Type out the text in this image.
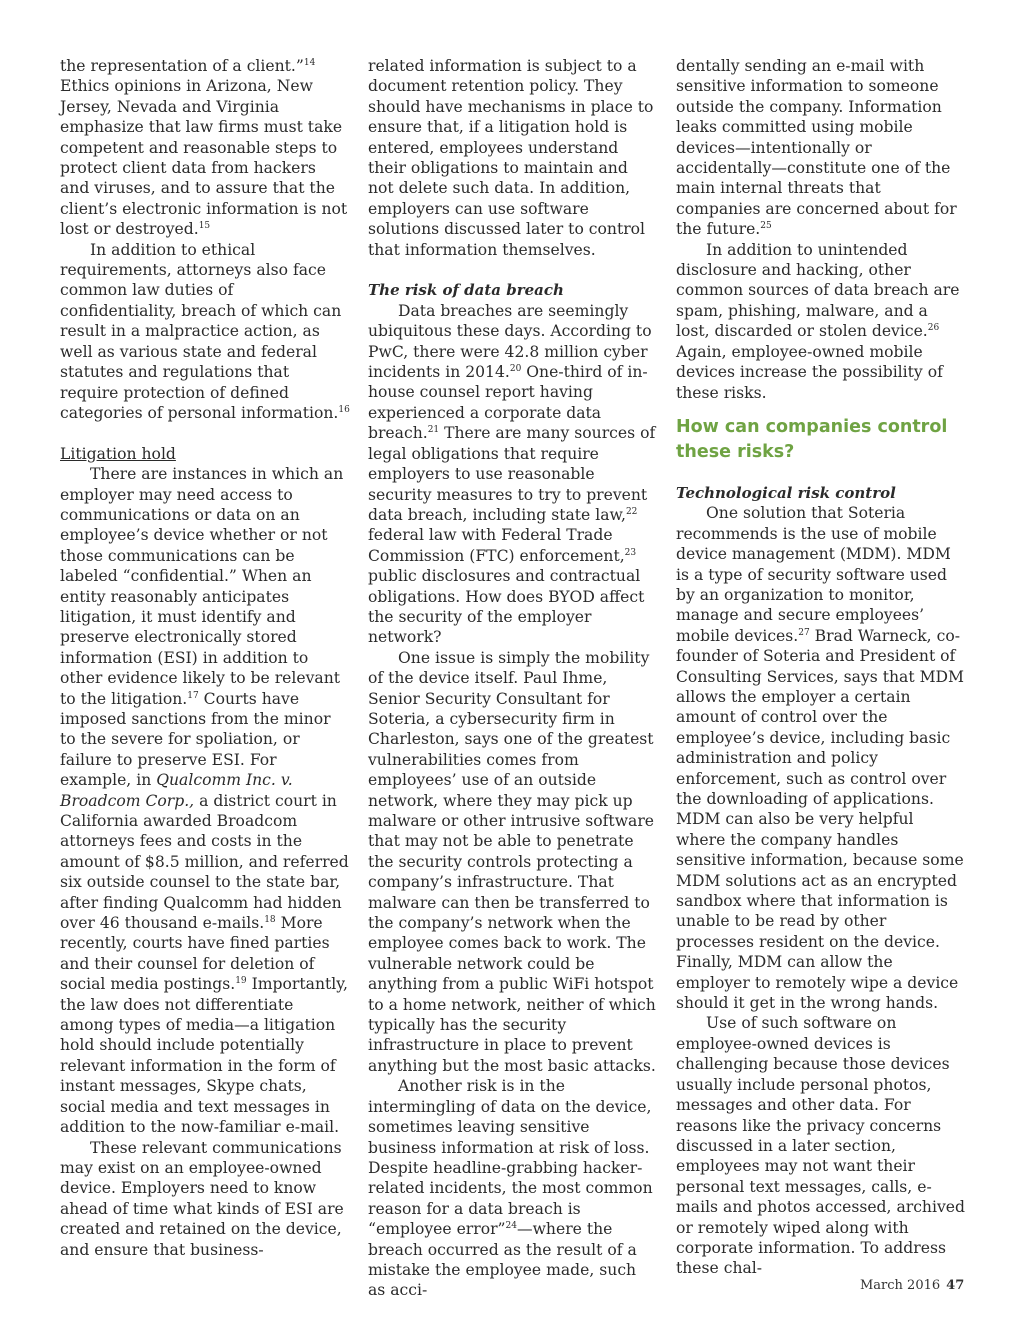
the representation of a client.”$^{14}$ Ethics opinions in Arizona, New Jersey, Nevada and Virginia emphasize that law firms must take competent and reasonable steps to protect client data from hackers and viruses, and to assure that the client’s electronic information is not lost or destroyed.$^{15}$

In addition to ethical requirements, attorneys also face common law duties of confidentiality, breach of which can result in a malpractice action, as well as various state and federal statutes and regulations that require protection of defined categories of personal information.$^{16}$

Litigation hold

There are instances in which an employer may need access to communications or data on an employee’s device whether or not those communications can be labeled “confidential.” When an entity reasonably anticipates litigation, it must identify and preserve electronically stored information (ESI) in addition to other evidence likely to be relevant to the litigation.$^{17}$ Courts have imposed sanctions from the minor to the severe for spoliation, or failure to preserve ESI. For example, in Qualcomm Inc. v. Broadcom Corp., a district court in California awarded Broadcom attorneys fees and costs in the amount of $8.5 million, and referred six outside counsel to the state bar, after finding Qualcomm had hidden over 46 thousand e-mails.$^{18}$ More recently, courts have fined parties and their counsel for deletion of social media postings.$^{19}$ Importantly, the law does not differentiate among types of media—a litigation hold should include potentially relevant information in the form of instant messages, Skype chats, social media and text messages in addition to the now-familiar e-mail.

These relevant communications may exist on an employee-owned device. Employers need to know ahead of time what kinds of ESI are created and retained on the device, and ensure that business-

related information is subject to a document retention policy. They should have mechanisms in place to ensure that, if a litigation hold is entered, employees understand their obligations to maintain and not delete such data. In addition, employers can use software solutions discussed later to control that information themselves.

The risk of data breach

Data breaches are seemingly ubiquitous these days. According to PwC, there were 42.8 million cyber incidents in 2014.20 One-third of in-house counsel report having experienced a corporate data breach.$^{21}$ There are many sources of legal obligations that require employers to use reasonable security measures to try to prevent data breach, including state law,$^{22}$ federal law with Federal Trade Commission (FTC) enforcement,$^{23}$ public disclosures and contractual obligations. How does BYOD affect the security of the employer network?

One issue is simply the mobility of the device itself. Paul Ihme, Senior Security Consultant for Soteria, a cybersecurity firm in Charleston, says one of the greatest vulnerabilities comes from employees’ use of an outside network, where they may pick up malware or other intrusive software that may not be able to penetrate the security controls protecting a company’s infrastructure. That malware can then be transferred to the company’s network when the employee comes back to work. The vulnerable network could be anything from a public WiFi hotspot to a home network, neither of which typically has the security infrastructure in place to prevent anything but the most basic attacks.

Another risk is in the intermingling of data on the device, sometimes leaving sensitive business information at risk of loss. Despite headline-grabbing hacker-related incidents, the most common reason for a data breach is “employee error”$^{24}$—where the breach occurred as the result of a mistake the employee made, such as acci-

dentally sending an e-mail with sensitive information to someone outside the company. Information leaks committed using mobile devices—intentionally or accidentally—constitute one of the main internal threats that companies are concerned about for the future.$^{25}$

In addition to unintended disclosure and hacking, other common sources of data breach are spam, phishing, malware, and a lost, discarded or stolen device.$^{26}$ Again, employee-owned mobile devices increase the possibility of these risks.

How can companies control these risks?

Technological risk control

One solution that Soteria recommends is the use of mobile device management (MDM). MDM is a type of security software used by an organization to monitor, manage and secure employees’ mobile devices.$^{27}$ Brad Warneck, co-founder of Soteria and President of Consulting Services, says that MDM allows the employer a certain amount of control over the employee’s device, including basic administration and policy enforcement, such as control over the downloading of applications. MDM can also be very helpful where the company handles sensitive information, because some MDM solutions act as an encrypted sandbox where that information is unable to be read by other processes resident on the device. Finally, MDM can allow the employer to remotely wipe a device should it get in the wrong hands.

Use of such software on employee-owned devices is challenging because those devices usually include personal photos, messages and other data. For reasons like the privacy concerns discussed in a later section, employees may not want their personal text messages, calls, e-mails and photos accessed, archived or remotely wiped along with corporate information. To address these chal-

March 2016 47
